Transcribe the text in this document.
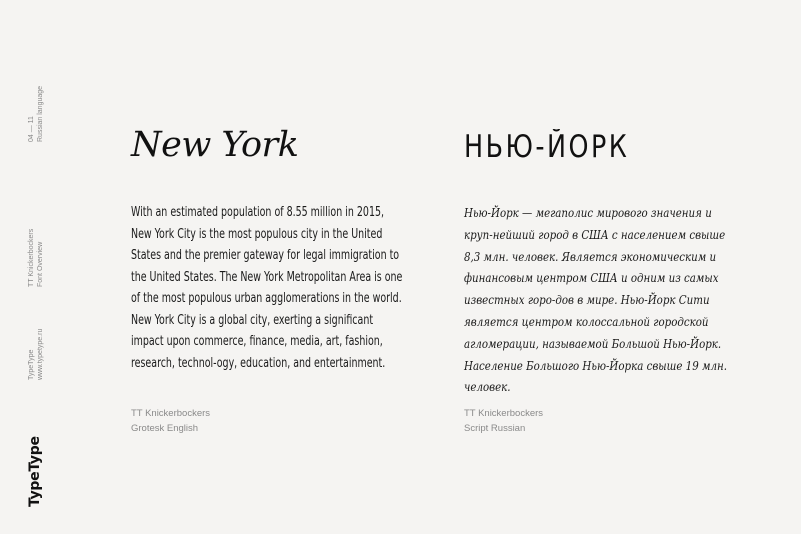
04 — 11 Russian language
TT Knickerbockers Font Overview
TypeType www.typetype.ru
TypeType
New York

With an estimated population of 8.55 million in 2015, New York City is the most populous city in the United States and the premier gateway for legal immigration to the United States. The New York Metropolitan Area is one of the most populous urban agglomerations in the world. New York City is a global city, exerting a significant impact upon commerce, finance, media, art, fashion, research, technol-ogy, education, and entertainment.

TT Knickerbockers
Grotesk English
НЬЮ-ЙОРК

Нью-Йорк — мегаполис мирового значения и круп-нейший город в США с населением свыше 8,3 млн. человек. Является экономическим и финансовым центром США и одним из самых известных горо-дов в мире. Нью-Йорк Сити является центром колоссальной городской агломерации, называемой Большой Нью-Йорк. Население Большого Нью-Йорка свыше 19 млн. человек.

TT Knickerbockers
Script Russian
